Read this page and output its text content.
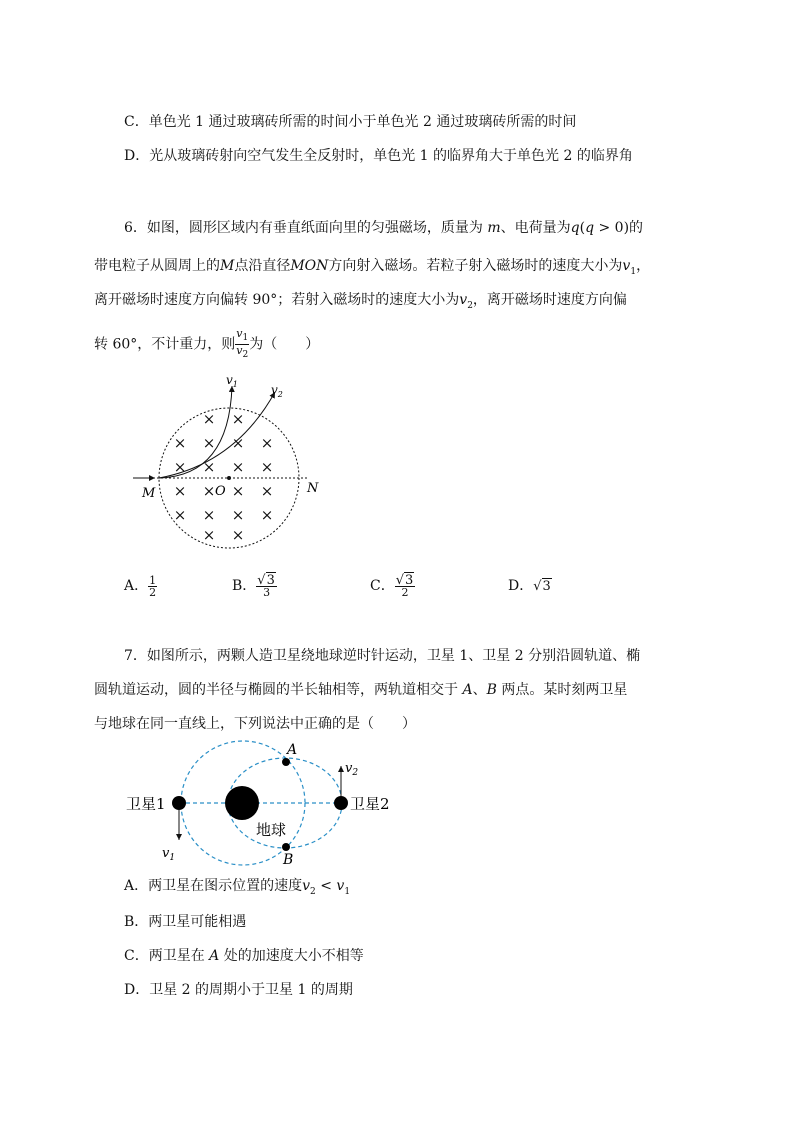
C．单色光 1 通过玻璃砖所需的时间小于单色光 2 通过玻璃砖所需的时间
D．光从玻璃砖射向空气发生全反射时，单色光 1 的临界角大于单色光 2 的临界角
6．如图，圆形区域内有垂直纸面向里的匀强磁场，质量为 m、电荷量为q(q > 0)的
带电粒子从圆周上的M点沿直径MON方向射入磁场。若粒子射入磁场时的速度大小为$v_1$，
离开磁场时速度方向偏转 90°；若射入磁场时的速度大小为$v_2$，离开磁场时速度方向偏
转 60°，不计重力，则 $\frac{v_1}{v_2}$ 为（　　）
× ×
× × × ×
× × × ×
× × × ×
× × × ×
× ×
$v_1$	$v_2$
M	N
O
A． $\frac{1}{2}$	B． $\frac{√3}{3}$	C． $\frac{√3}{2}$	D．√3
7．如图所示，两颗人造卫星绕地球逆时针运动，卫星 1、卫星 2 分别沿圆轨道、椭
圆轨道运动，圆的半径与椭圆的半长轴相等，两轨道相交于 A、B 两点。某时刻两卫星
与地球在同一直线上，下列说法中正确的是（　　）
卫星1	卫星2
地球
A
B
$v_1$
$v_2$
A．两卫星在图示位置的速度$v_2 < v_1$
B．两卫星可能相遇
C．两卫星在 A 处的加速度大小不相等
D．卫星 2 的周期小于卫星 1 的周期
